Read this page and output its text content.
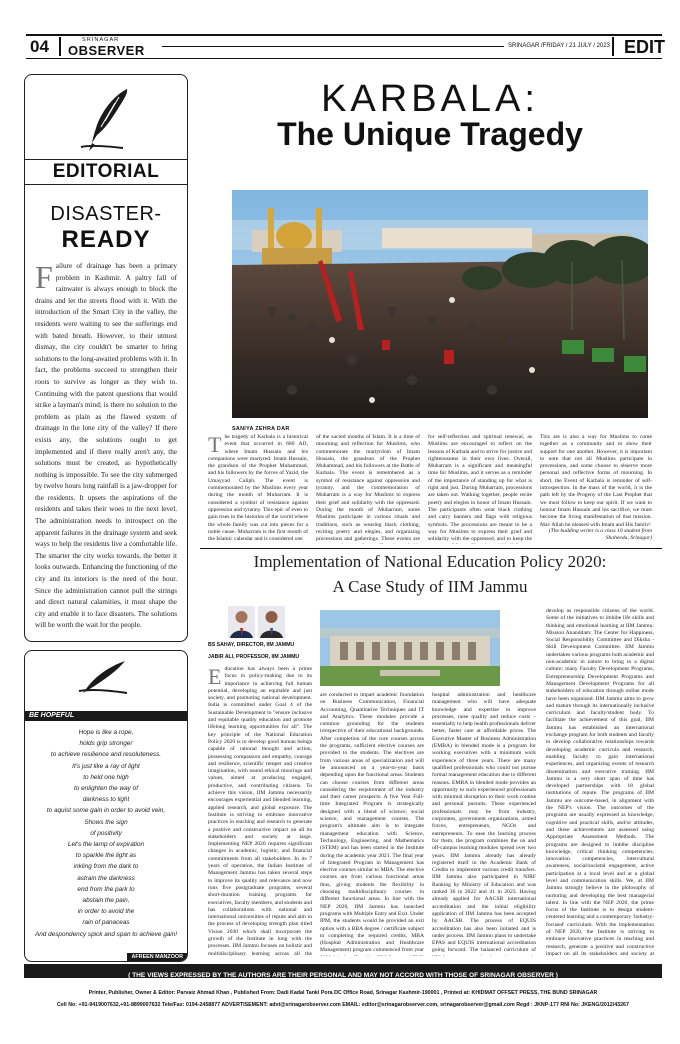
04	SRINAGAR
OBSERVER	SRINAGAR /FRIDAY / 21 JULY / 2023 EDIT
EDITORIAL
DISASTER-
READY
Failure of drainage has been a primary problem in Kashmir. A paltry fall of rainwater is always enough to block the drains and let the streets flood with it. With the introduction of the Smart City in the valley, the residents were waiting to see the sufferings end with bated breath. However, to their utmost dismay, the city couldn't be smarter to bring solutions to the long-awaited problems with it. In fact, the problems succeed to strengthen their roots to survive as longer as they wish to. Continuing with the patent questions that would strike a layman's mind; is there no solution to the problem as plain as the flawed system of drainage in the lone city of the valley? If there exists any, the solutions ought to get implemented and if there really aren't any, the solutions must be created, as hypothetically nothing is impossible. To see the city submerged by twelve hours long rainfall is a jaw-dropper for the residents. It upsets the aspirations of the residents and takes their woes to the next level. The administration needs to introspect on the apparent failures in the drainage system and seek ways to help the residents live a comfortable life. The smarter the city works towards, the better it looks outwards. Enhancing the functioning of the city and its interiors is the need of the hour. Since the administration cannot pull the strings and direct natural calamities, it must shape the city and enable it to face disasters. The solutions will be worth the wait for the people.
BE HOPEFUL
Hope is like a rope,
holds grip stronger
to achieve resilience and resoluteness.
It's just like a ray of light
to held one high
to enlighten the way of
darkness to light
to aquist some gain in order to avoid vein,
Shows the sign
of positivity
Let's the lamp of expiration
to sparkle the light as
inkling from the dark to
astrain the darkness
end from the park to
abstain the pain,
in order to avoid the
rain of panaceas
And despondency spick and span to achieve gain!
AFREEN MANZOOR
KARBALA:
The Unique Tragedy
SANIYA ZEHRA DAR
The tragedy of Karbala is a historical event that occurred in 680 AD, where Imam Hussain and his companions were martyred. Imam Hussain, the grandson of the Prophet Muhammad, and his followers by the forces of Yazid, the Umayyad Caliph. The event is commemorated by the Muslims every year during the month of Muharram. It is considered a symbol of resistance against oppression and tyranny. This epic of even to gain rises in the histories of the world where the whole family was cut into pieces for a noble cause. Muharram is the first month of the Islamic calendar and is considered one
of the sacred months of Islam. It is a time of mourning and reflection for Muslims, who commemorate the martyrdom of Imam Hussain, the grandson of the Prophet Muhammad, and his followers at the Battle of Karbala. The event is remembered as a symbol of resistance against oppression and tyranny, and the commemoration of Muharram is a way for Muslims to express their grief and solidarity with the oppressed. During the month of Muharram, some Muslims participate in various rituals and traditions, such as wearing black clothing, reciting poetry and elegies, and organizing processions and gatherings. These events are
for self-reflection and spiritual renewal, as Muslims are encouraged to reflect on the lessons of Karbala and to strive for justice and righteousness in their own lives. Overall, Muharram is a significant and meaningful time for Muslims, and it serves as a reminder of the importance of standing up for what is right and just. During Muharram, processions are taken out. Walking together, people recite poetry and elegies in honor of Imam Hussain. The participants often wear black clothing and carry banners and flags with religious symbols. The processions are meant to be a way for Muslims to express their grief and solidarity with the oppressed, and to keep the
This are is also a way for Muslims to come together as a community and to show their support for one another. However, it is important to note that not all Muslims participate in processions, and some choose to observe more personal and reflective forms of mourning. In short, the Event of Karbala is reminder of self-introspection. In the mass of the world, it is the path left by the Progeny of the Last Prophet that we must follow to keep our spirit. If we want to honour Imam Hussain and his sacrifice, we must become the living manifestation of that mission. May Allah be pleased with Imam and His family!
(The budding writer is a class 10 student from Shaheeda, Srinagar)
Implementation of National Education Policy 2020:
A Case Study of IIM Jammu
BS SAHAY, DIRECTOR, IIM JAMMU
JABIR ALI, PROFESSOR, IIM JAMMU
Education has always been a prime focus in policy-making due to its importance in achieving full human potential, developing an equitable and just society, and promoting national development. India is committed under Goal 4 of the Sustainable Development to "ensure inclusive and equitable quality education and promote lifelong learning opportunities for all". The key principle of the National Education Policy 2020 is to develop good human beings capable of rational thought and action, possessing compassion and empathy, courage and resilience, scientific temper and creative imagination, with sound ethical moorings and values, aimed at producing engaged, productive, and contributing citizens. To achieve this vision, IIM Jammu necessarily encourages experiential and blended learning, applied research, and global exposure. The Institute is striving to embrace innovative practices in teaching and research to generate a positive and constructive impact on all its stakeholders and society at large. Implementing NEP 2020 requires significant changes in academic, logistic, and financial commitments from all stakeholders. In its 7 years of operation, the Indian Institute of Management Jammu has taken several steps to improve its quality and relevance and now runs five postgraduate programs, several short-duration training programs for executives, faculty members, and students and has collaborations with national and international universities of repute and aim in the process of developing strength plan titled Vision 2030 which shall incorporate the growth of the Institute in long with the processes. IIM Jammu focuses on holistic and multidisciplinary learning across all the
are conducted to impart academic foundation on Business Communication, Financial Accounting, Quantitative Techniques and IT and Analytics. These modules provide a common grounding for the students irrespective of their educational backgrounds. After completion of the core courses across the programs, sufficient elective courses are provided to the students. The electives are from various areas of specialization and will be announced on a year-to-year basis depending upon the functional areas. Students can choose courses from different areas considering the requirement of the industry and their career prospects. A five Year Full-time Integrated Program is strategically designed with a blend of science, social science, and management courses. The program's ultimate aim is to integrate management education with Science, Technology, Engineering, and Mathematics (STEM) and has been started in the Institute during the academic year 2021. The final year of Integrated Program in Management has elective courses similar to MBA. The elective courses are from various functional areas thus, giving students the flexibility in choosing multidisciplinary courses in different functional areas. In line with the NEP 2020, IIM Jammu has launched programs with Multiple Entry and Exit. Under IPM, the students would be provided an exit option with a BBA degree / certificate subject to completing the required credits. MBA (Hospital Administration and Healthcare Management) program commenced from year
hospital administration and healthcare management who will have adequate knowledge and expertise to improve processes, raise quality and reduce costs – essentially to help health professionals deliver better, faster care at affordable prices. The Executive Master of Business Administration (EMBA) in blended mode is a program for working executives with a minimum work experience of three years. There are many qualified professionals who could not pursue formal management education due to different reasons. EMBA in blended mode provides an opportunity to such experienced professionals with minimal disruption to their work routine and personal pursuits. These experienced professionals may be from industry, corporates, government organizations, armed forces, entrepreneurs, NGOs and entrepreneurs. To ease the learning process for them, the program combines the on and off-campus learning modules spread over two years. IIM Jammu already has already registered itself in the Academic Bank of Credits to implement various credit transfers. IIM Jammu also participated in NIRF Ranking by Ministry of Education and was ranked 36 in 2022 and 41 in 2023. Having already applied for AACSB international accreditation and the initial eligibility application of IIM Jammu has been accepted by AACSB. The process of EQUIS accreditation has also been initiated and is under process. IIM Jammu plans to undertake EPAS and EQUIS international accreditation going forward. The balanced curriculum of
develop as responsible citizens of the world. Some of the initiatives to imbibe life skills and thinking and emotional learning at IIM Jammu: Mission Ananddam: The Center for Happiness, Social Responsibility Committee and Diksha - Skill Development Committee. IIM Jammu undertakes various programs both academic and non-academic in nature to bring in a digital culture; many Faculty Development Programs, Entrepreneurship Development Programs and Management Development Programs for all stakeholders of education through online mode have been organized. IIM Jammu aims to grow and mature through its internationally inclusive curriculum and faculty/student body. To facilitate the achievement of this goal, IIM Jammu has established an international exchange program for both students and faculty to develop collaborative relationships towards developing academic curricula and research, enabling faculty to gain international experiences, and organizing events of research dissemination and executive training. IIM Jammu is a very short span of time has developed partnerships with 18 global institutions of repute. The programs of IIM Jammu are outcome-based, in alignment with the NEP's vision. The outcomes of the programs are usually expressed as knowledge, cognitive and practical skills, and/or attitudes, and these achievements are assessed using Appropriate Assessment Methods. The programs are designed to imbibe discipline knowledge, critical thinking competencies, innovation competencies, intercultural awareness, social/societal engagement, active participation at a local level and at a global level and communication skills. We, at IIM Jammu strongly believe in the philosophy of nurturing and developing the best managerial talent. In line with the NEP 2020, the prime focus of the Institute is to design student-centered learning and a contemporary 'industry-focused' curriculum. With the implementation of NEP 2020, the Institute is striving to embrace innovative practices in teaching and research, generate a positive and constructive impact on all its stakeholders and society at
( THE VIEWS EXPRESSED BY THE AUTHORS ARE THEIR PERSONAL AND MAY NOT ACCORD WITH THOSE OF SRINAGAR OBSERVER )
Printer, Publisher, Owner & Editor: Parvaiz Ahmad Khan , Published From: Dadi Kadal Tanki Pora DC Office Road, Srinagar Kashmir-190001 , Printed at: KHIDMAT OFFSET PRESS, THE BUND SRINAGAR
Cell No: +91-9419007632,+91-8899007632 Tele/Fax: 0194-2458877 ADVERTISEMENT: advt@srinagarobserver.com EMAIL: editor@srinagarobserver.com, srinagarobserver@gmail.com Regd : JKNP-177 RNI No: JKENG/2012/43267
